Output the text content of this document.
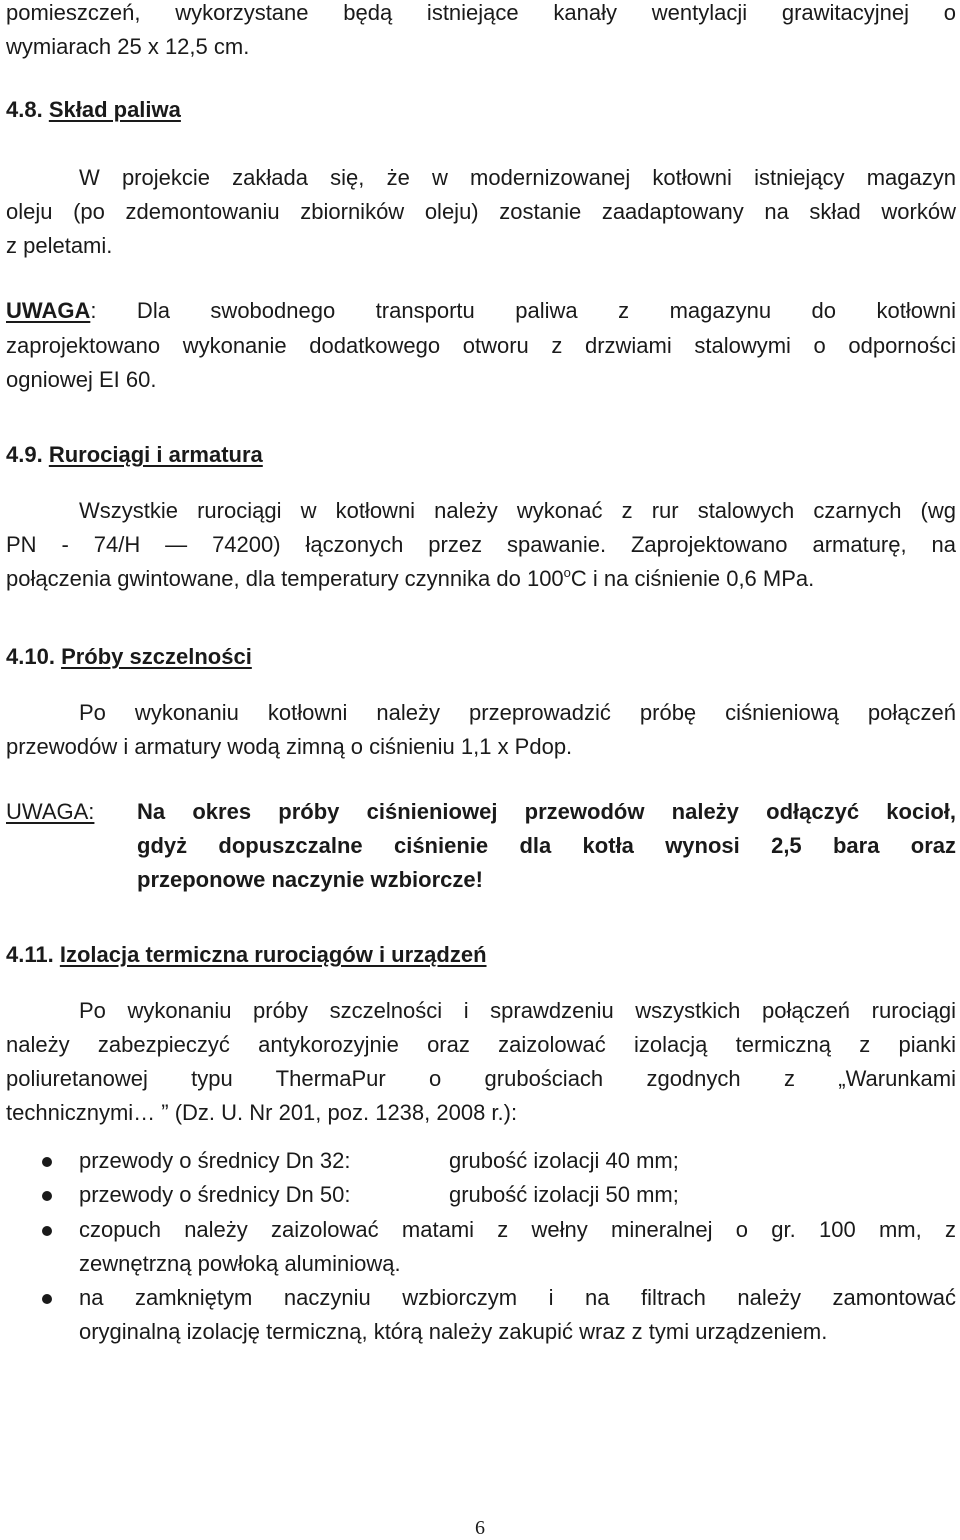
pomieszczeń, wykorzystane będą istniejące kanały wentylacji grawitacyjnej o
wymiarach 25 x 12,5 cm.
4.8. Skład paliwa
W projekcie zakłada się, że w modernizowanej kotłowni istniejący magazyn
oleju (po zdemontowaniu zbiorników oleju) zostanie zaadaptowany na skład worków
z peletami.
UWAGA: Dla swobodnego transportu paliwa z magazynu do kotłowni
zaprojektowano wykonanie dodatkowego otworu z drzwiami stalowymi o odporności
ogniowej EI 60.
4.9. Rurociągi i armatura
Wszystkie rurociągi w kotłowni należy wykonać z rur stalowych czarnych (wg
PN - 74/H — 74200) łączonych przez spawanie. Zaprojektowano armaturę, na
połączenia gwintowane, dla temperatury czynnika do 100$^o$C i na ciśnienie 0,6 MPa.
4.10. Próby szczelności
Po wykonaniu kotłowni należy przeprowadzić próbę ciśnieniową połączeń
przewodów i armatury wodą zimną o ciśnieniu 1,1 x Pdop.
UWAGA:	Na okres próby ciśnieniowej przewodów należy odłączyć kocioł,
gdyż dopuszczalne ciśnienie dla kotła wynosi 2,5 bara oraz
przeponowe naczynie wzbiorcze!
4.11. Izolacja termiczna rurociągów i urządzeń
Po wykonaniu próby szczelności i sprawdzeniu wszystkich połączeń rurociągi
należy zabezpieczyć antykorozyjnie oraz zaizolować izolacją termiczną z pianki
poliuretanowej typu ThermaPur o grubościach zgodnych z „Warunkami
technicznymi… ” (Dz. U. Nr 201, poz. 1238, 2008 r.):
przewody o średnicy Dn 32:	grubość izolacji 40 mm;
przewody o średnicy Dn 50:	grubość izolacji 50 mm;
czopuch należy zaizolować matami z wełny mineralnej o gr. 100 mm, z
zewnętrzną powłoką aluminiową.
na zamkniętym naczyniu wzbiorczym i na filtrach należy zamontować
oryginalną izolację termiczną, którą należy zakupić wraz z tymi urządzeniem.
6
